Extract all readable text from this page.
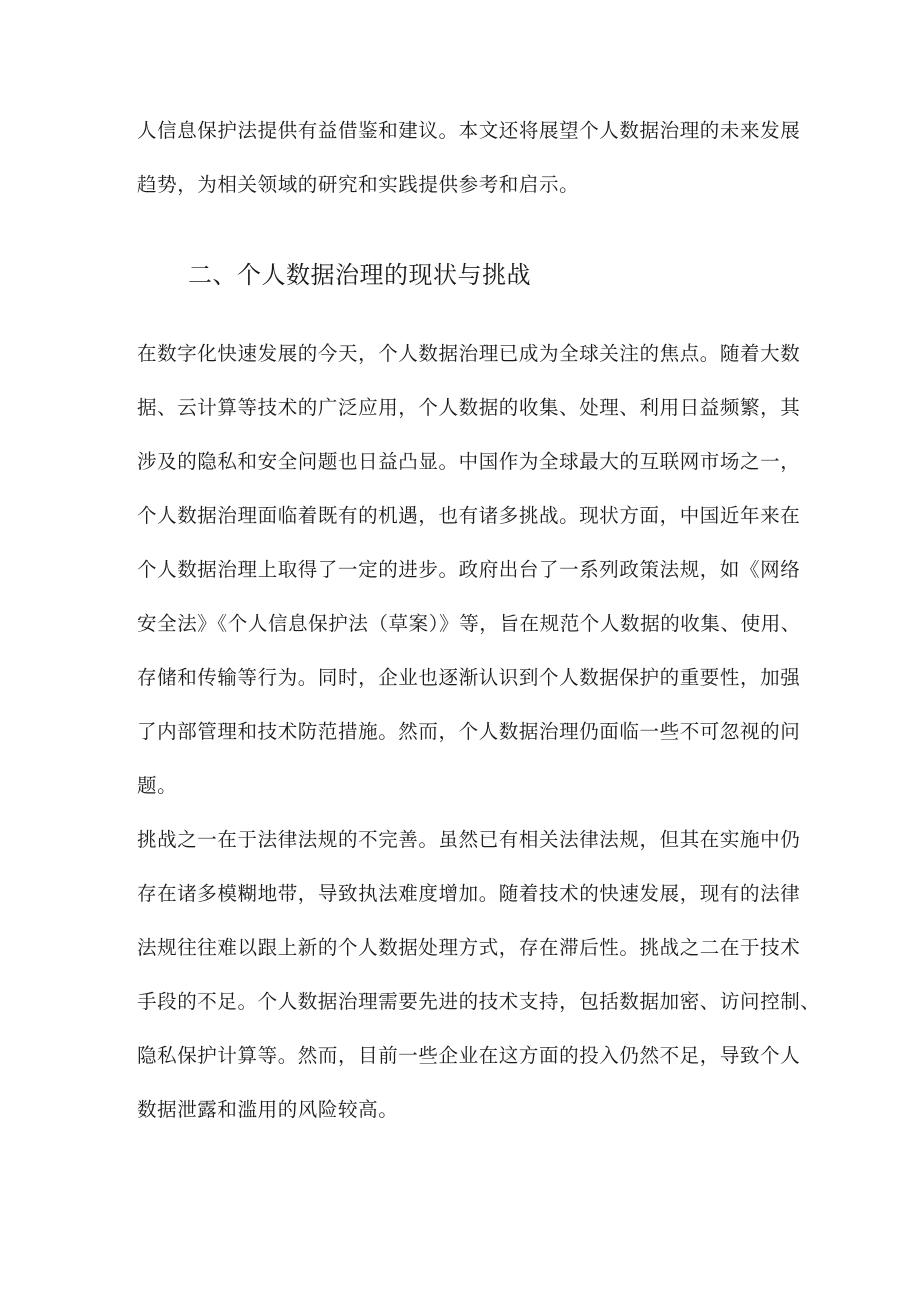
人信息保护法提供有益借鉴和建议。本文还将展望个人数据治理的未来发展
趋势，为相关领域的研究和实践提供参考和启示。
二、个人数据治理的现状与挑战
在数字化快速发展的今天，个人数据治理已成为全球关注的焦点。随着大数
据、云计算等技术的广泛应用，个人数据的收集、处理、利用日益频繁，其
涉及的隐私和安全问题也日益凸显。中国作为全球最大的互联网市场之一，
个人数据治理面临着既有的机遇，也有诸多挑战。现状方面，中国近年来在
个人数据治理上取得了一定的进步。政府出台了一系列政策法规，如《网络
安全法》《个人信息保护法（草案）》等，旨在规范个人数据的收集、使用、
存储和传输等行为。同时，企业也逐渐认识到个人数据保护的重要性，加强
了内部管理和技术防范措施。然而，个人数据治理仍面临一些不可忽视的问
题。
挑战之一在于法律法规的不完善。虽然已有相关法律法规，但其在实施中仍
存在诸多模糊地带，导致执法难度增加。随着技术的快速发展，现有的法律
法规往往难以跟上新的个人数据处理方式，存在滞后性。挑战之二在于技术
手段的不足。个人数据治理需要先进的技术支持，包括数据加密、访问控制、
隐私保护计算等。然而，目前一些企业在这方面的投入仍然不足，导致个人
数据泄露和滥用的风险较高。
